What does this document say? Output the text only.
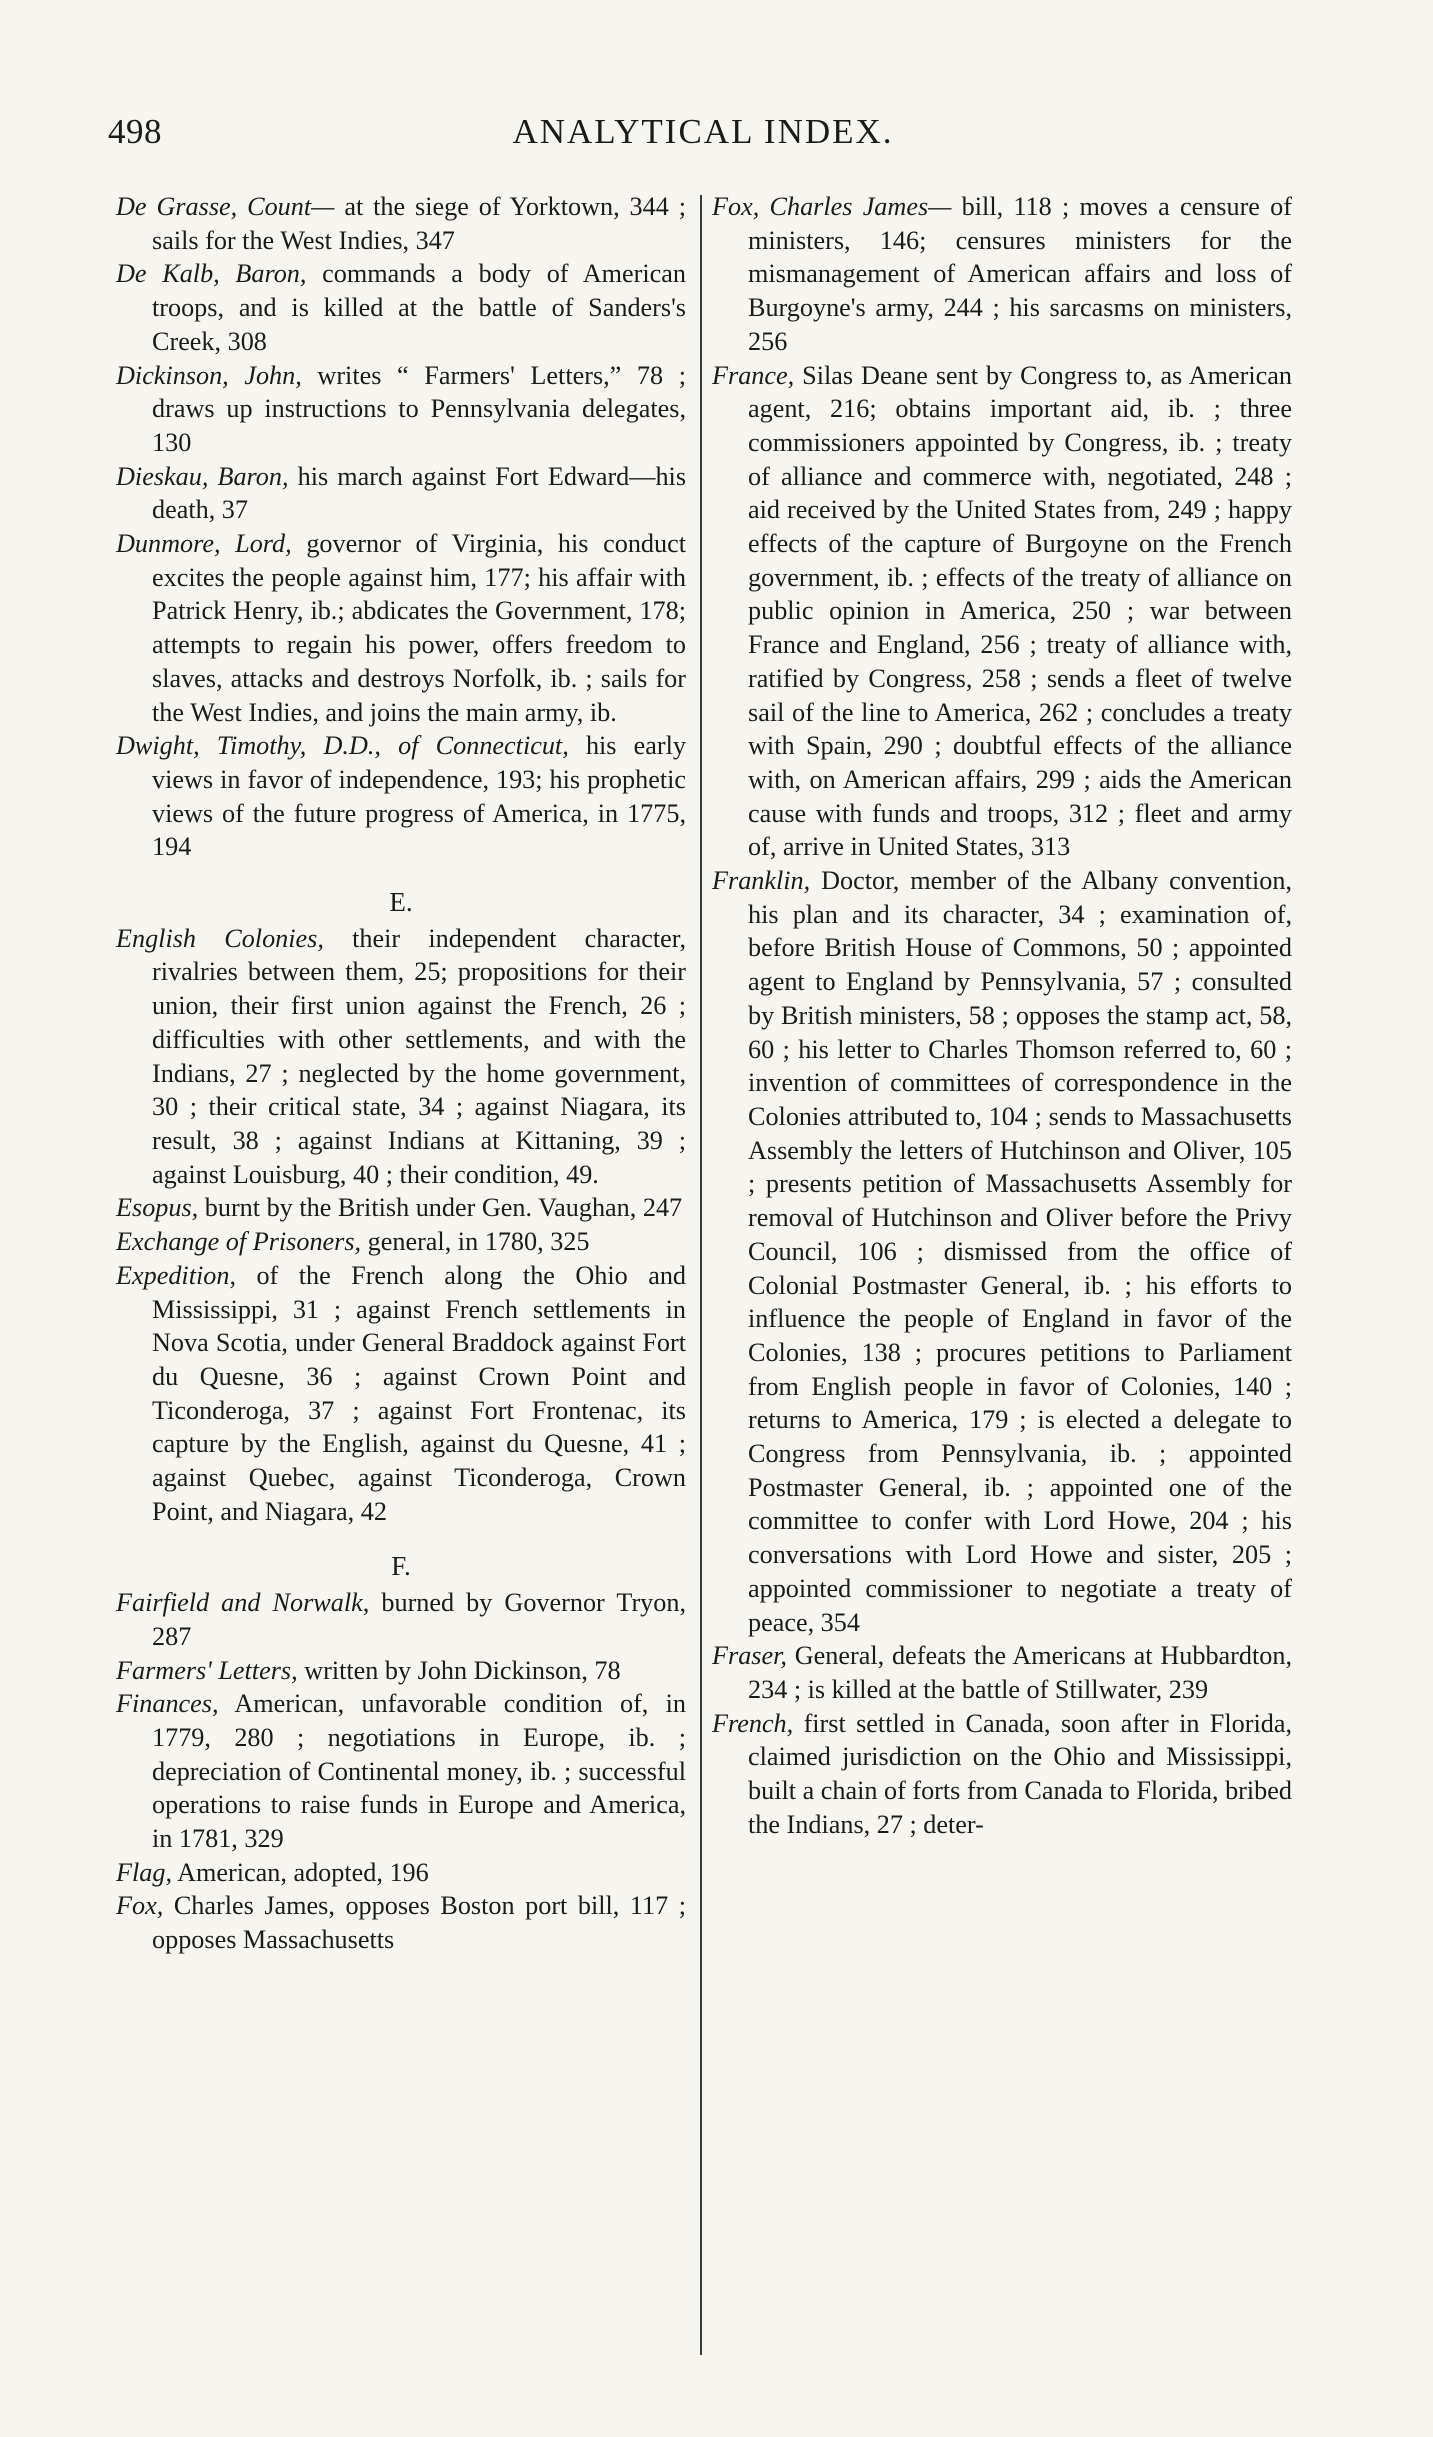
498	ANALYTICAL INDEX.

De Grasse, Count— at the siege of Yorktown, 344 ; sails for the West Indies, 347

De Kalb, Baron, commands a body of American troops, and is killed at the battle of Sanders's Creek, 308

Dickinson, John, writes “ Farmers' Letters,” 78 ; draws up instructions to Pennsylvania delegates, 130

Dieskau, Baron, his march against Fort Edward—his death, 37

Dunmore, Lord, governor of Virginia, his conduct excites the people against him, 177; his affair with Patrick Henry, ib.; abdicates the Government, 178; attempts to regain his power, offers freedom to slaves, attacks and destroys Norfolk, ib. ; sails for the West Indies, and joins the main army, ib.

Dwight, Timothy, D.D., of Connecticut, his early views in favor of independence, 193; his prophetic views of the future progress of America, in 1775, 194

E.

English Colonies, their independent character, rivalries between them, 25; propositions for their union, their first union against the French, 26 ; difficulties with other settlements, and with the Indians, 27 ; neglected by the home government, 30 ; their critical state, 34 ; against Niagara, its result, 38 ; against Indians at Kittaning, 39 ; against Louisburg, 40 ; their condition, 49.

Esopus, burnt by the British under Gen. Vaughan, 247

Exchange of Prisoners, general, in 1780, 325

Expedition, of the French along the Ohio and Mississippi, 31 ; against French settlements in Nova Scotia, under General Braddock against Fort du Quesne, 36 ; against Crown Point and Ticonderoga, 37 ; against Fort Frontenac, its capture by the English, against du Quesne, 41 ; against Quebec, against Ticonderoga, Crown Point, and Niagara, 42

F.

Fairfield and Norwalk, burned by Governor Tryon, 287

Farmers' Letters, written by John Dickinson, 78

Finances, American, unfavorable condition of, in 1779, 280 ; negotiations in Europe, ib. ; depreciation of Continental money, ib. ; successful operations to raise funds in Europe and America, in 1781, 329

Flag, American, adopted, 196

Fox, Charles James, opposes Boston port bill, 117 ; opposes Massachusetts

Fox, Charles James— bill, 118 ; moves a censure of ministers, 146; censures ministers for the mismanagement of American affairs and loss of Burgoyne's army, 244 ; his sarcasms on ministers, 256

France, Silas Deane sent by Congress to, as American agent, 216; obtains important aid, ib. ; three commissioners appointed by Congress, ib. ; treaty of alliance and commerce with, negotiated, 248 ; aid received by the United States from, 249 ; happy effects of the capture of Burgoyne on the French government, ib. ; effects of the treaty of alliance on public opinion in America, 250 ; war between France and England, 256 ; treaty of alliance with, ratified by Congress, 258 ; sends a fleet of twelve sail of the line to America, 262 ; concludes a treaty with Spain, 290 ; doubtful effects of the alliance with, on American affairs, 299 ; aids the American cause with funds and troops, 312 ; fleet and army of, arrive in United States, 313

Franklin, Doctor, member of the Albany convention, his plan and its character, 34 ; examination of, before British House of Commons, 50 ; appointed agent to England by Pennsylvania, 57 ; consulted by British ministers, 58 ; opposes the stamp act, 58, 60 ; his letter to Charles Thomson referred to, 60 ; invention of committees of correspondence in the Colonies attributed to, 104 ; sends to Massachusetts Assembly the letters of Hutchinson and Oliver, 105 ; presents petition of Massachusetts Assembly for removal of Hutchinson and Oliver before the Privy Council, 106 ; dismissed from the office of Colonial Postmaster General, ib. ; his efforts to influence the people of England in favor of the Colonies, 138 ; procures petitions to Parliament from English people in favor of Colonies, 140 ; returns to America, 179 ; is elected a delegate to Congress from Pennsylvania, ib. ; appointed Postmaster General, ib. ; appointed one of the committee to confer with Lord Howe, 204 ; his conversations with Lord Howe and sister, 205 ; appointed commissioner to negotiate a treaty of peace, 354

Fraser, General, defeats the Americans at Hubbardton, 234 ; is killed at the battle of Stillwater, 239

French, first settled in Canada, soon after in Florida, claimed jurisdiction on the Ohio and Mississippi, built a chain of forts from Canada to Florida, bribed the Indians, 27 ; deter-
